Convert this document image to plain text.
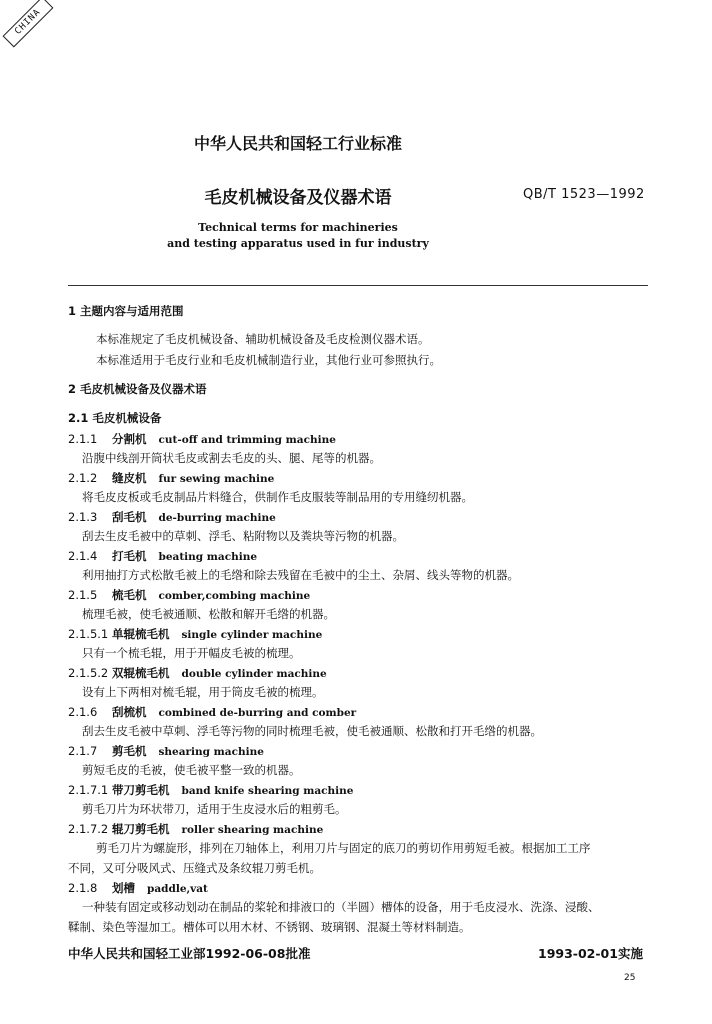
CHINA
中华人民共和国轻工行业标准
毛皮机械设备及仪器术语	QB/T 1523—1992
Technical terms for machineries
and testing apparatus used in fur industry
1 主题内容与适用范围
本标准规定了毛皮机械设备、辅助机械设备及毛皮检测仪器术语。
本标准适用于毛皮行业和毛皮机械制造行业，其他行业可参照执行。
2 毛皮机械设备及仪器术语
2.1 毛皮机械设备
2.1.1 分割机 cut-off and trimming machine
沿腹中线剖开筒状毛皮或割去毛皮的头、腿、尾等的机器。
2.1.2 缝皮机 fur sewing machine
将毛皮皮板或毛皮制品片料缝合，供制作毛皮服装等制品用的专用缝纫机器。
2.1.3 刮毛机 de-burring machine
刮去生皮毛被中的草刺、浮毛、粘附物以及粪块等污物的机器。
2.1.4 打毛机 beating machine
利用抽打方式松散毛被上的毛绺和除去残留在毛被中的尘土、杂屑、线头等物的机器。
2.1.5 梳毛机 comber,combing machine
梳理毛被，使毛被通顺、松散和解开毛绺的机器。
2.1.5.1 单辊梳毛机 single cylinder machine
只有一个梳毛辊，用于开幅皮毛被的梳理。
2.1.5.2 双辊梳毛机 double cylinder machine
设有上下两相对梳毛辊，用于筒皮毛被的梳理。
2.1.6 刮梳机 combined de-burring and comber
刮去生皮毛被中草刺、浮毛等污物的同时梳理毛被，使毛被通顺、松散和打开毛绺的机器。
2.1.7 剪毛机 shearing machine
剪短毛皮的毛被，使毛被平整一致的机器。
2.1.7.1 带刀剪毛机 band knife shearing machine
剪毛刀片为环状带刀，适用于生皮浸水后的粗剪毛。
2.1.7.2 辊刀剪毛机 roller shearing machine
剪毛刀片为螺旋形，排列在刀轴体上，利用刀片与固定的底刀的剪切作用剪短毛被。根据加工工序
不同，又可分吸风式、压缝式及条纹辊刀剪毛机。
2.1.8 划槽 paddle,vat
一种装有固定或移动划动在制品的桨轮和排液口的（半圆）槽体的设备，用于毛皮浸水、洗涤、浸酸、
鞣制、染色等湿加工。槽体可以用木材、不锈钢、玻璃钢、混凝土等材料制造。
中华人民共和国轻工业部1992-06-08批准	1993-02-01实施
25
